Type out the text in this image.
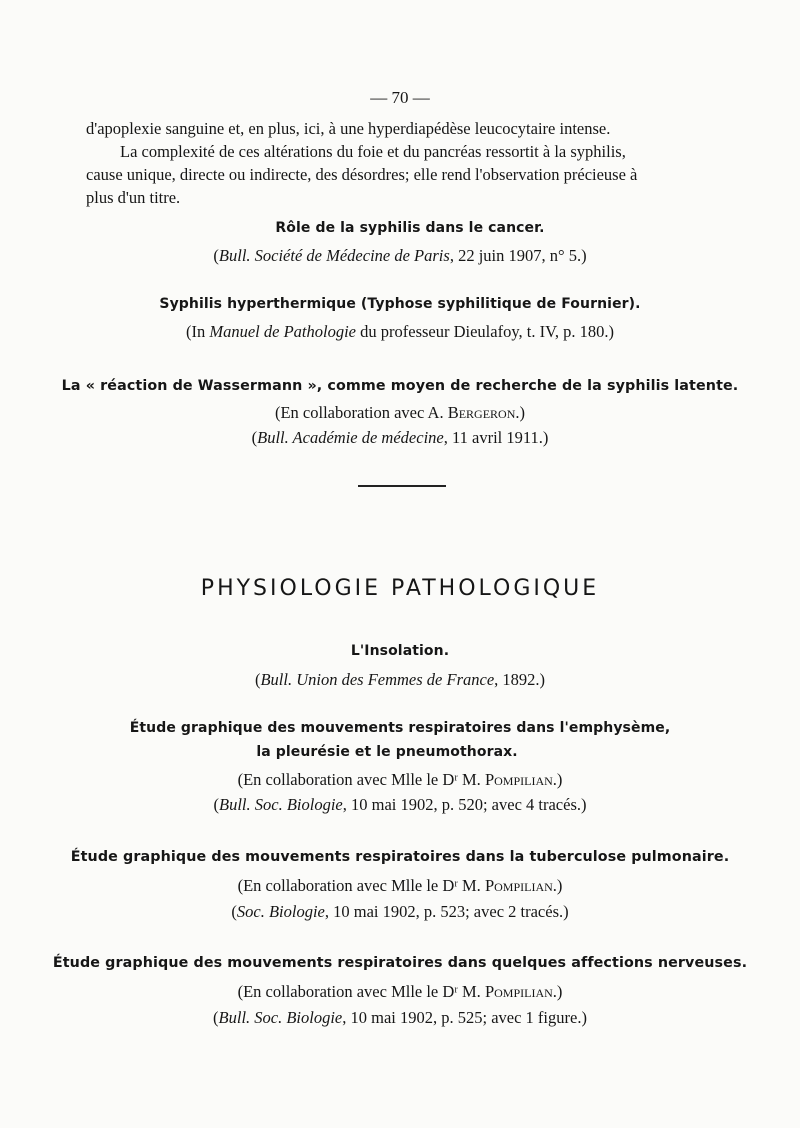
— 70 —
d'apoplexie sanguine et, en plus, ici, à une hyperdiapédèse leucocytaire intense.
La complexité de ces altérations du foie et du pancréas ressortit à la syphilis,
cause unique, directe ou indirecte, des désordres; elle rend l'observation précieuse à
plus d'un titre.
Rôle de la syphilis dans le cancer.
(Bull. Société de Médecine de Paris, 22 juin 1907, n° 5.)
Syphilis hyperthermique (Typhose syphilitique de Fournier).
(In Manuel de Pathologie du professeur Dieulafoy, t. IV, p. 180.)
La « réaction de Wassermann », comme moyen de recherche de la syphilis latente.
(En collaboration avec A. Bergeron.)
(Bull. Académie de médecine, 11 avril 1911.)
PHYSIOLOGIE PATHOLOGIQUE
L'Insolation.
(Bull. Union des Femmes de France, 1892.)
Étude graphique des mouvements respiratoires dans l'emphysème,
la pleurésie et le pneumothorax.
(En collaboration avec Mlle le Dʳ M. Pompilian.)
(Bull. Soc. Biologie, 10 mai 1902, p. 520; avec 4 tracés.)
Étude graphique des mouvements respiratoires dans la tuberculose pulmonaire.
(En collaboration avec Mlle le Dʳ M. Pompilian.)
(Soc. Biologie, 10 mai 1902, p. 523; avec 2 tracés.)
Étude graphique des mouvements respiratoires dans quelques affections nerveuses.
(En collaboration avec Mlle le Dʳ M. Pompilian.)
(Bull. Soc. Biologie, 10 mai 1902, p. 525; avec 1 figure.)
